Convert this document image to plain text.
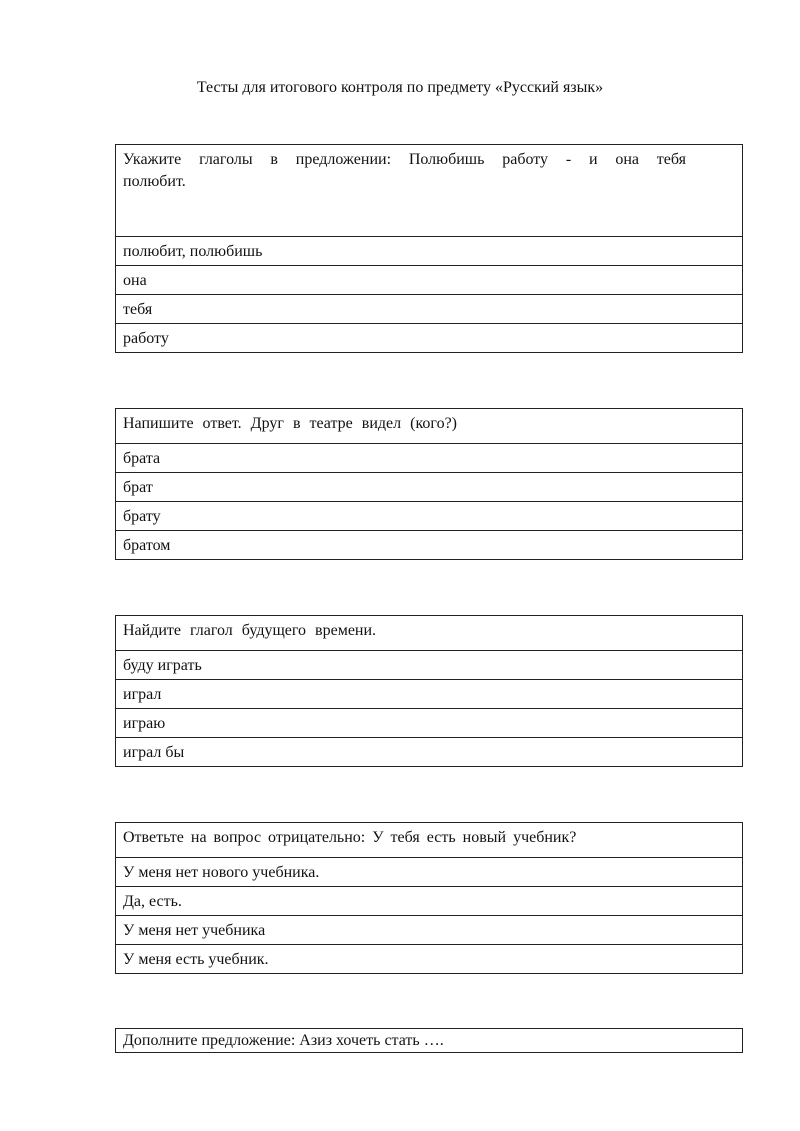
Тесты для итогового контроля по предмету «Русский язык»
Укажите глаголы в предложении: Полюбишь работу - и она тебя полюбит.
полюбит, полюбишь
она
тебя
работу
Напишите ответ. Друг в театре видел (кого?)
брата
брат
брату
братом
Найдите глагол будущего времени.
буду играть
играл
играю
играл бы
Ответьте на вопрос отрицательно: У тебя есть новый учебник?
У меня нет нового учебника.
Да, есть.
У меня нет учебника
У меня есть учебник.
Дополните предложение: Азиз хочеть стать ….
